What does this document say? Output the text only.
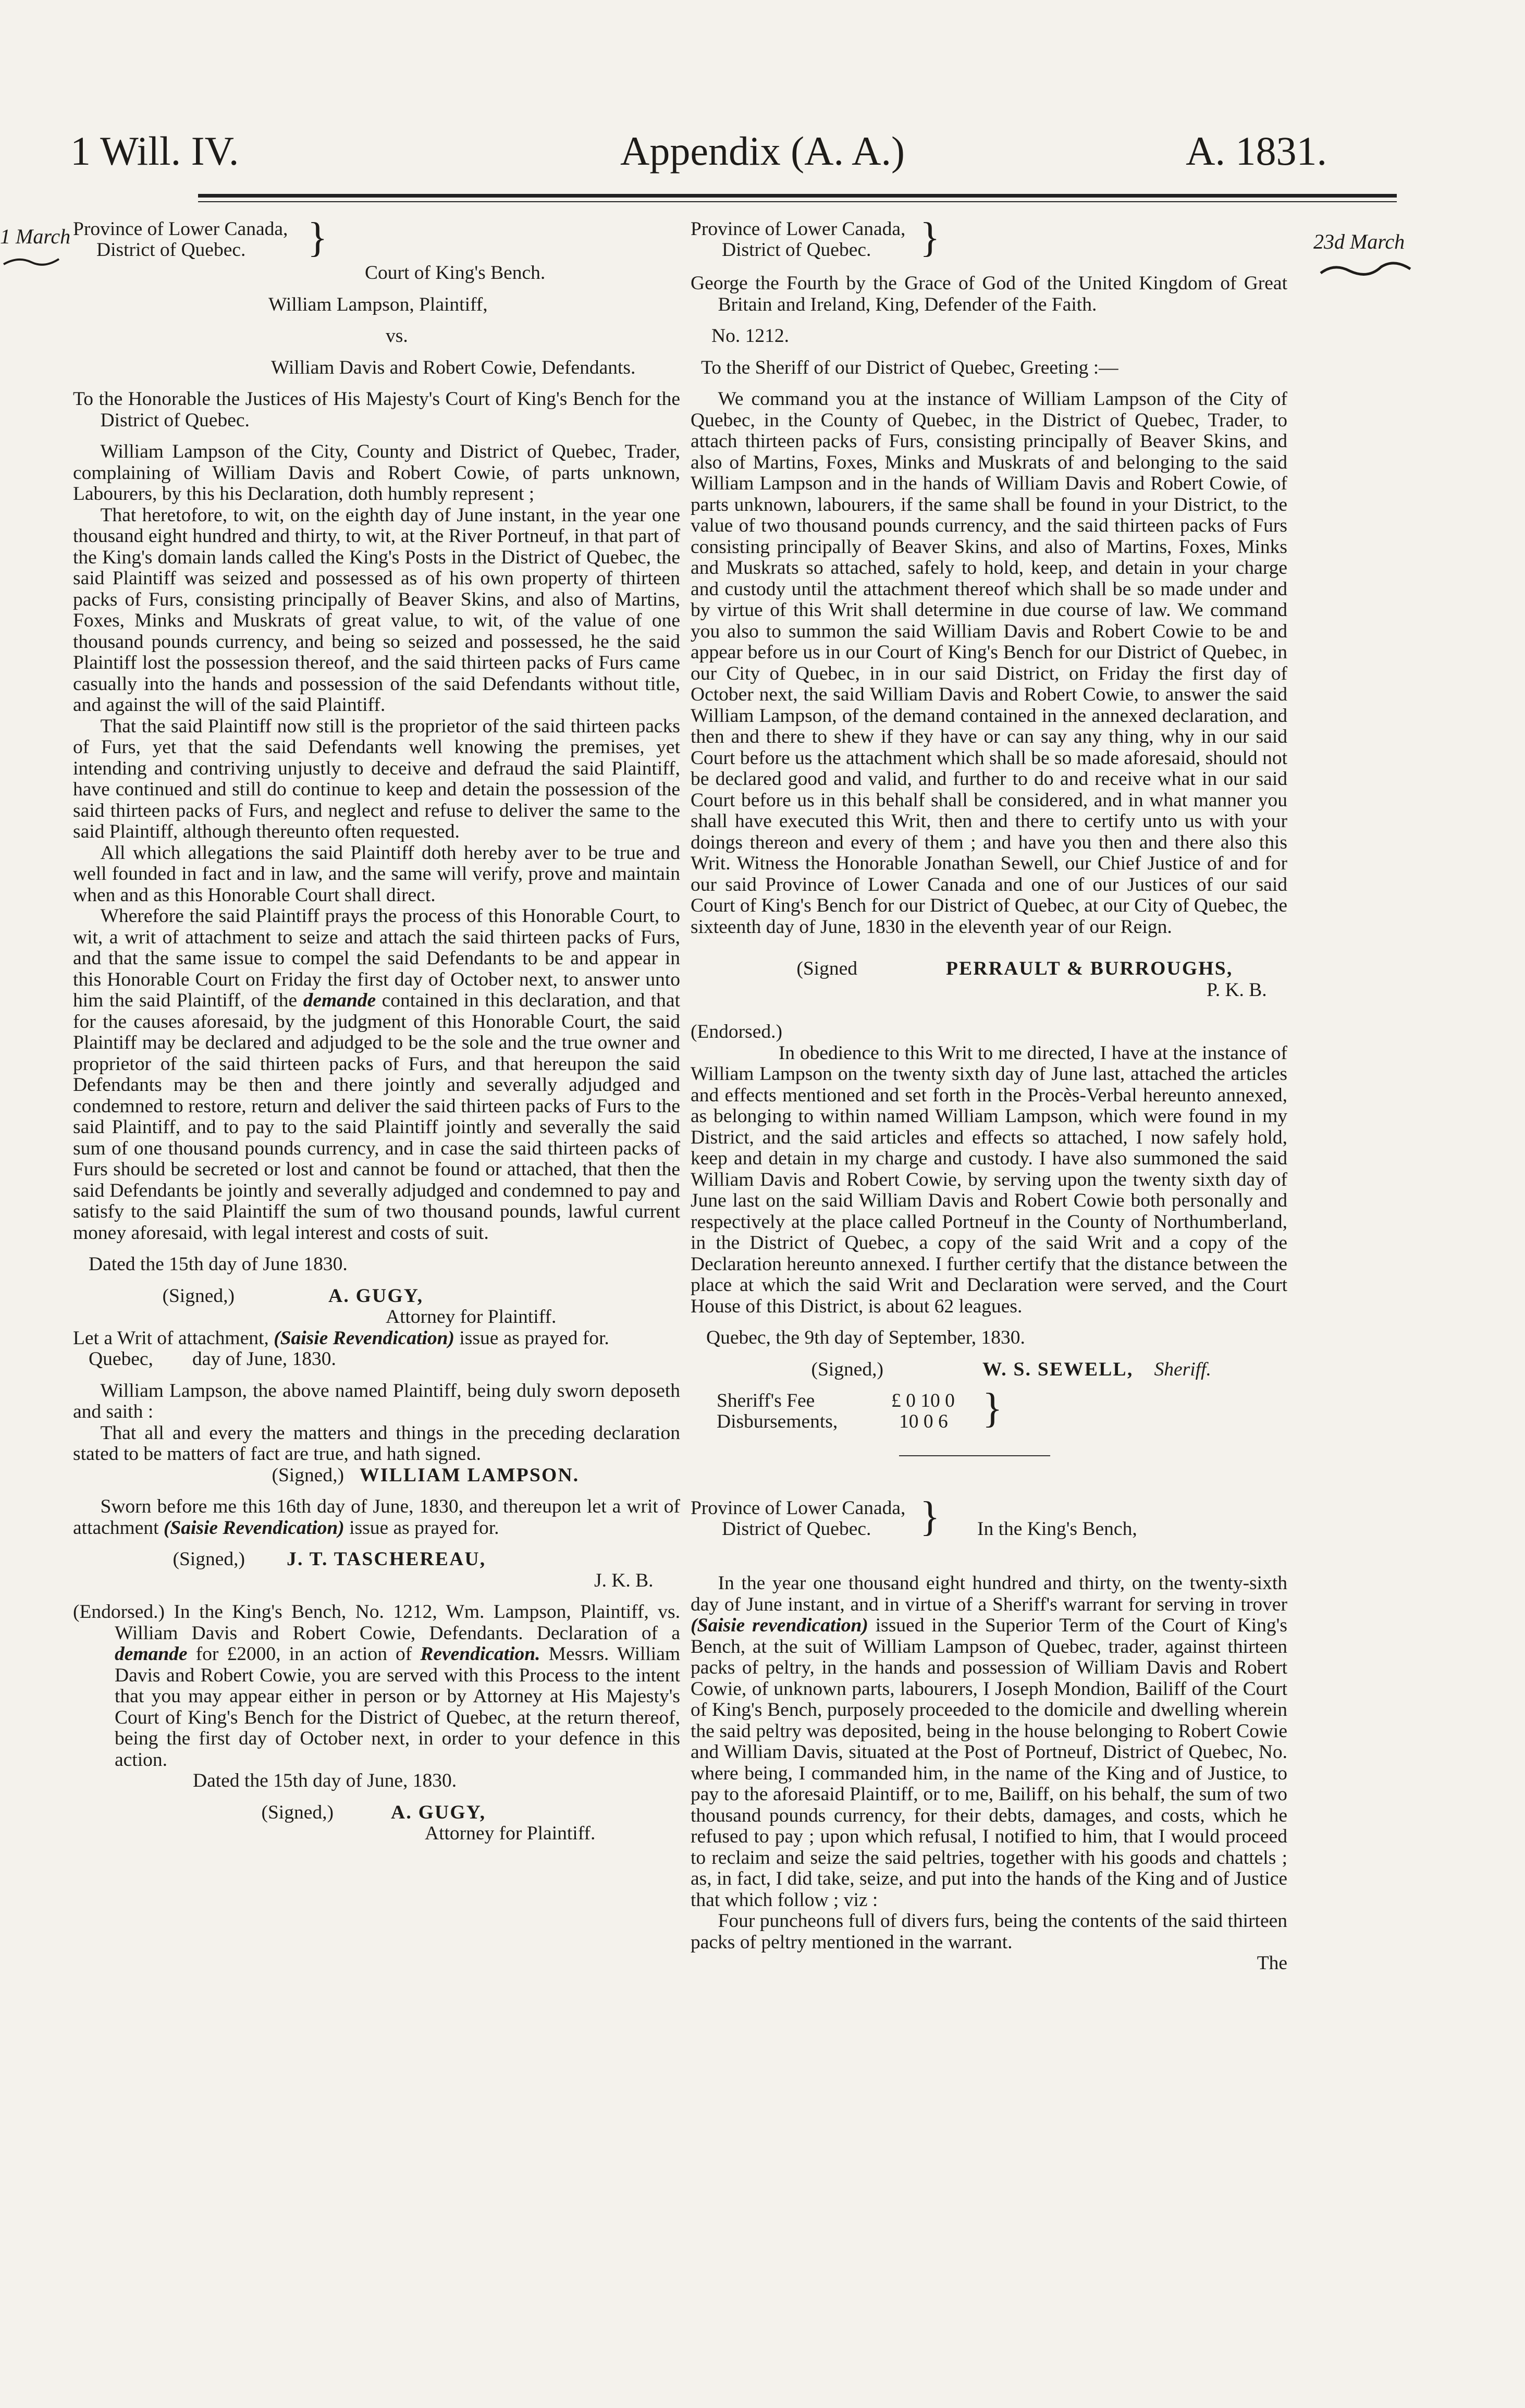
1 Will. IV.	Appendix (A. A.)	A. 1831.
1 March	23d March
Province of Lower Canada,
District of Quebec. }

Court of King's Bench.

William Lampson, Plaintiff,

vs.

William Davis and Robert Cowie, Defendants.

To the Honorable the Justices of His Majesty's Court of King's Bench for the District of Quebec.

William Lampson of the City, County and District of Quebec, Trader, complaining of William Davis and Robert Cowie, of parts unknown, Labourers, by this his Declaration, doth humbly represent ;

That heretofore, to wit, on the eighth day of June instant, in the year one thousand eight hundred and thirty, to wit, at the River Portneuf, in that part of the King's domain lands called the King's Posts in the District of Quebec, the said Plaintiff was seized and possessed as of his own property of thirteen packs of Furs, consisting principally of Beaver Skins, and also of Martins, Foxes, Minks and Muskrats of great value, to wit, of the value of one thousand pounds currency, and being so seized and possessed, he the said Plaintiff lost the possession thereof, and the said thirteen packs of Furs came casually into the hands and possession of the said Defendants without title, and against the will of the said Plaintiff.

That the said Plaintiff now still is the proprietor of the said thirteen packs of Furs, yet that the said Defendants well knowing the premises, yet intending and contriving unjustly to deceive and defraud the said Plaintiff, have continued and still do continue to keep and detain the possession of the said thirteen packs of Furs, and neglect and refuse to deliver the same to the said Plaintiff, although thereunto often requested.

All which allegations the said Plaintiff doth hereby aver to be true and well founded in fact and in law, and the same will verify, prove and maintain when and as this Honorable Court shall direct.

Wherefore the said Plaintiff prays the process of this Honorable Court, to wit, a writ of attachment to seize and attach the said thirteen packs of Furs, and that the same issue to compel the said Defendants to be and appear in this Honorable Court on Friday the first day of October next, to answer unto him the said Plaintiff, of the demande contained in this declaration, and that for the causes aforesaid, by the judgment of this Honorable Court, the said Plaintiff may be declared and adjudged to be the sole and the true owner and proprietor of the said thirteen packs of Furs, and that hereupon the said Defendants may be then and there jointly and severally adjudged and condemned to restore, return and deliver the said thirteen packs of Furs to the said Plaintiff, and to pay to the said Plaintiff jointly and severally the said sum of one thousand pounds currency, and in case the said thirteen packs of Furs should be secreted or lost and cannot be found or attached, that then the said Defendants be jointly and severally adjudged and condemned to pay and satisfy to the said Plaintiff the sum of two thousand pounds, lawful current money aforesaid, with legal interest and costs of suit.

Dated the 15th day of June 1830.

(Signed,)	A. GUGY,

Attorney for Plaintiff.

Let a Writ of attachment, (Saisie Revendication) issue as prayed for.

Quebec,        day of June, 1830.

William Lampson, the above named Plaintiff, being duly sworn deposeth and saith :

That all and every the matters and things in the preceding declaration stated to be matters of fact are true, and hath signed.

(Signed,) WILLIAM LAMPSON.

Sworn before me this 16th day of June, 1830, and thereupon let a writ of attachment (Saisie Revendication) issue as prayed for.

(Signed,) J. T. TASCHEREAU,

J. K. B.

(Endorsed.) In the King's Bench, No. 1212, Wm. Lampson, Plaintiff, vs. William Davis and Robert Cowie, Defendants. Declaration of a demande for £2000, in an action of Revendication. Messrs. William Davis and Robert Cowie, you are served with this Process to the intent that you may appear either in person or by Attorney at His Majesty's Court of King's Bench for the District of Quebec, at the return thereof, being the first day of October next, in order to your defence in this action.

Dated the 15th day of June, 1830.

(Signed,)	A. GUGY,

Attorney for Plaintiff.

Province of Lower Canada,
District of Quebec. }

George the Fourth by the Grace of God of the United Kingdom of Great Britain and Ireland, King, Defender of the Faith.

No. 1212.

To the Sheriff of our District of Quebec, Greeting :—

We command you at the instance of William Lampson of the City of Quebec, in the County of Quebec, in the District of Quebec, Trader, to attach thirteen packs of Furs, consisting principally of Beaver Skins, and also of Martins, Foxes, Minks and Muskrats of and belonging to the said William Lampson and in the hands of William Davis and Robert Cowie, of parts unknown, labourers, if the same shall be found in your District, to the value of two thousand pounds currency, and the said thirteen packs of Furs consisting principally of Beaver Skins, and also of Martins, Foxes, Minks and Muskrats so attached, safely to hold, keep, and detain in your charge and custody until the attachment thereof which shall be so made under and by virtue of this Writ shall determine in due course of law. We command you also to summon the said William Davis and Robert Cowie to be and appear before us in our Court of King's Bench for our District of Quebec, in our City of Quebec, in in our said District, on Friday the first day of October next, the said William Davis and Robert Cowie, to answer the said William Lampson, of the demand contained in the annexed declaration, and then and there to shew if they have or can say any thing, why in our said Court before us the attachment which shall be so made aforesaid, should not be declared good and valid, and further to do and receive what in our said Court before us in this behalf shall be considered, and in what manner you shall have executed this Writ, then and there to certify unto us with your doings thereon and every of them ; and have you then and there also this Writ. Witness the Honorable Jonathan Sewell, our Chief Justice of and for our said Province of Lower Canada and one of our Justices of our said Court of King's Bench for our District of Quebec, at our City of Quebec, the sixteenth day of June, 1830 in the eleventh year of our Reign.

(Signed	PERRAULT & BURROUGHS,

P. K. B.

(Endorsed.)

In obedience to this Writ to me directed, I have at the instance of William Lampson on the twenty sixth day of June last, attached the articles and effects mentioned and set forth in the Procès-Verbal hereunto annexed, as belonging to within named William Lampson, which were found in my District, and the said articles and effects so attached, I now safely hold, keep and detain in my charge and custody. I have also summoned the said William Davis and Robert Cowie, by serving upon the twenty sixth day of June last on the said William Davis and Robert Cowie both personally and respectively at the place called Portneuf in the County of Northumberland, in the District of Quebec, a copy of the said Writ and a copy of the Declaration hereunto annexed. I further certify that the distance between the place at which the said Writ and Declaration were served, and the Court House of this District, is about 62 leagues.

Quebec, the 9th day of September, 1830.

(Signed,)	W. S. SEWELL, Sheriff.

Sheriff's Fee	£ 0 10 0
Disbursements,	10 0 6 }
Province of Lower Canada,
District of Quebec. } In the King's Bench,

In the year one thousand eight hundred and thirty, on the twenty-sixth day of June instant, and in virtue of a Sheriff's warrant for serving in trover (Saisie revendication) issued in the Superior Term of the Court of King's Bench, at the suit of William Lampson of Quebec, trader, against thirteen packs of peltry, in the hands and possession of William Davis and Robert Cowie, of unknown parts, labourers, I Joseph Mondion, Bailiff of the Court of King's Bench, purposely proceeded to the domicile and dwelling wherein the said peltry was deposited, being in the house belonging to Robert Cowie and William Davis, situated at the Post of Portneuf, District of Quebec, No. where being, I commanded him, in the name of the King and of Justice, to pay to the aforesaid Plaintiff, or to me, Bailiff, on his behalf, the sum of two thousand pounds currency, for their debts, damages, and costs, which he refused to pay ; upon which refusal, I notified to him, that I would proceed to reclaim and seize the said peltries, together with his goods and chattels ; as, in fact, I did take, seize, and put into the hands of the King and of Justice that which follow ; viz :

Four puncheons full of divers furs, being the contents of the said thirteen packs of peltry mentioned in the warrant.

The
